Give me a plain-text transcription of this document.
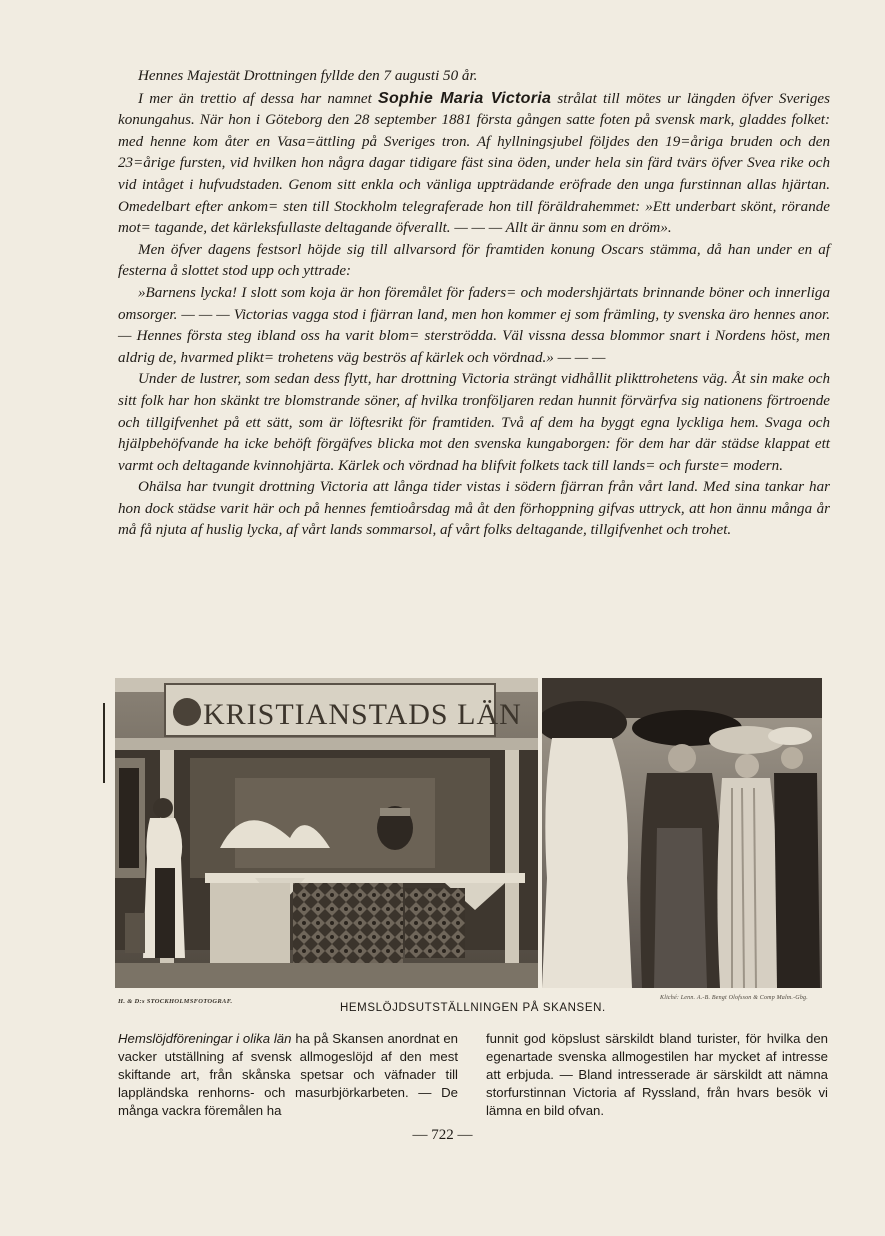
Hennes Majestät Drottningen fyllde den 7 augusti 50 år.

I mer än trettio af dessa har namnet Sophie Maria Victoria strålat till mötes ur längden öfver Sveriges konungahus. När hon i Göteborg den 28 september 1881 första gången satte foten på svensk mark, gladdes folket: med henne kom åter en Vasa=ättling på Sveriges tron. Af hyllningsjubel följdes den 19=åriga bruden och den 23=årige fursten, vid hvilken hon några dagar tidigare fäst sina öden, under hela sin färd tvärs öfver Svea rike och vid intåget i hufvudstaden. Genom sitt enkla och vänliga uppträdande eröfrade den unga furstinnan allas hjärtan. Omedelbart efter ankom= sten till Stockholm telegraferade hon till föräldrahemmet: »Ett underbart skönt, rörande mot= tagande, det kärleksfullaste deltagande öfverallt. — — — Allt är ännu som en dröm».

Men öfver dagens festsorl höjde sig till allvarsord för framtiden konung Oscars stämma, då han under en af festerna å slottet stod upp och yttrade:

»Barnens lycka! I slott som koja är hon föremålet för faders= och modershjärtats brinnande böner och innerliga omsorger. — — — Victorias vagga stod i fjärran land, men hon kommer ej som främling, ty svenska äro hennes anor. — Hennes första steg ibland oss ha varit blom= sterströdda. Väl vissna dessa blommor snart i Nordens höst, men aldrig de, hvarmed plikt= trohetens väg beströs af kärlek och vördnad.» — — —

Under de lustrer, som sedan dess flytt, har drottning Victoria strängt vidhållit plikttrohetens väg. Åt sin make och sitt folk har hon skänkt tre blomstrande söner, af hvilka tronföljaren redan hunnit förvärfva sig nationens förtroende och tillgifvenhet på ett sätt, som är löftesrikt för framtiden. Två af dem ha byggt egna lyckliga hem. Svaga och hjälpbehöfvande ha icke behöft förgäfves blicka mot den svenska kungaborgen: för dem har där städse klappat ett varmt och deltagande kvinnohjärta. Kärlek och vördnad ha blifvit folkets tack till lands= och furste= modern.

Ohälsa har tvungit drottning Victoria att långa tider vistas i södern fjärran från vårt land. Med sina tankar har hon dock städse varit här och på hennes femtioårsdag må åt den förhoppning gifvas uttryck, att hon ännu många år må få njuta af huslig lycka, af vårt lands sommarsol, af vårt folks deltagande, tillgifvenhet och trohet.

KRISTIANSTADS LÄN
H. & D:s STOCKHOLMSFOTOGRAF.
HEMSLÖJDSUTSTÄLLNINGEN PÅ SKANSEN.
Kliché: Lenn. A.-B. Bengt Olofsson & Comp Malm.-Gbg.

Hemslöjdföreningar i olika län ha på Skansen anordnat en vacker utställning af svensk allmogeslöjd af den mest skiftande art, från skånska spetsar och väfnader till lappländska renhorns- och masurbjörkarbeten. — De många vackra föremålen ha

funnit god köpslust särskildt bland turister, för hvilka den egenartade svenska allmogestilen har mycket af intresse att erbjuda. — Bland intresserade är särskildt att nämna storfurstinnan Victoria af Ryssland, från hvars besök vi lämna en bild ofvan.

— 722 —
